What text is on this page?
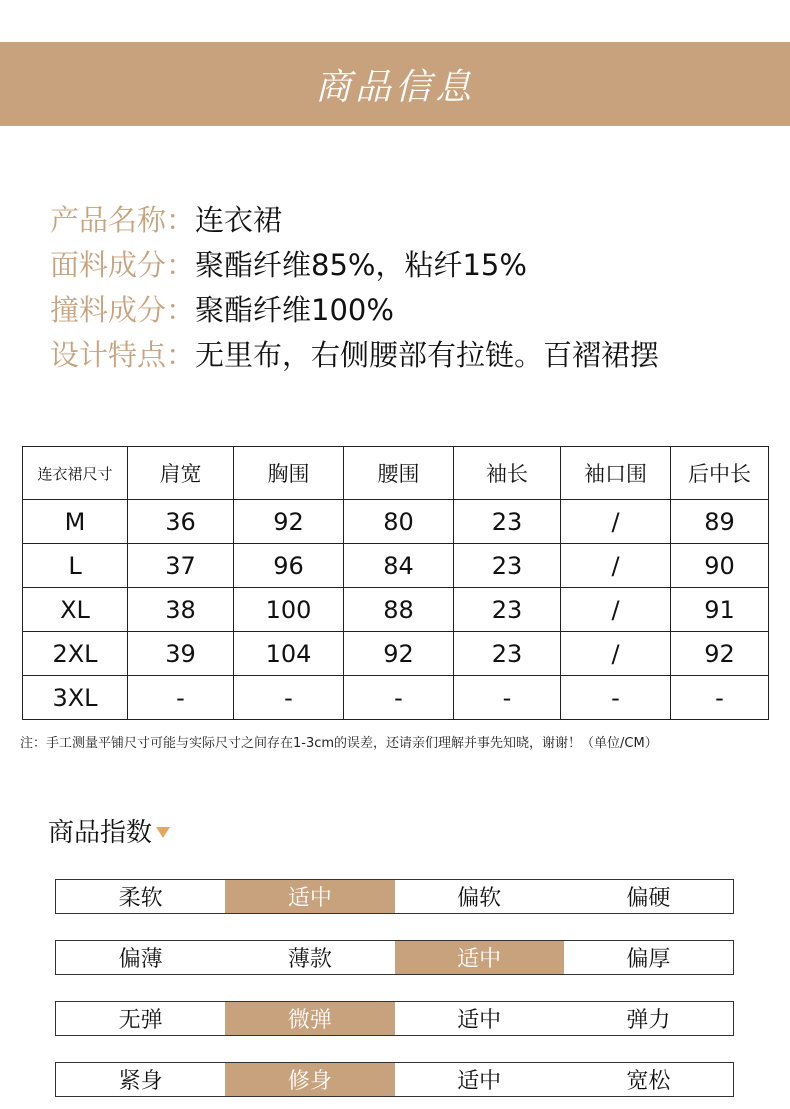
商品信息
产品名称： 连衣裙
面料成分： 聚酯纤维85%，粘纤15%
撞料成分： 聚酯纤维100%
设计特点： 无里布，右侧腰部有拉链。百褶裙摆
连衣裙尺寸	肩宽	胸围	腰围	袖长	袖口围	后中长
M	36	92	80	23	/	89
L	37	96	84	23	/	90
XL	38	100	88	23	/	91
2XL	39	104	92	23	/	92
3XL	-	-	-	-	-	-
注：手工测量平铺尺寸可能与实际尺寸之间存在1-3cm的误差，还请亲们理解并事先知晓，谢谢！（单位/CM）
商品指数
柔软	适中	偏软	偏硬
偏薄	薄款	适中	偏厚
无弹	微弹	适中	弹力
紧身	修身	适中	宽松
